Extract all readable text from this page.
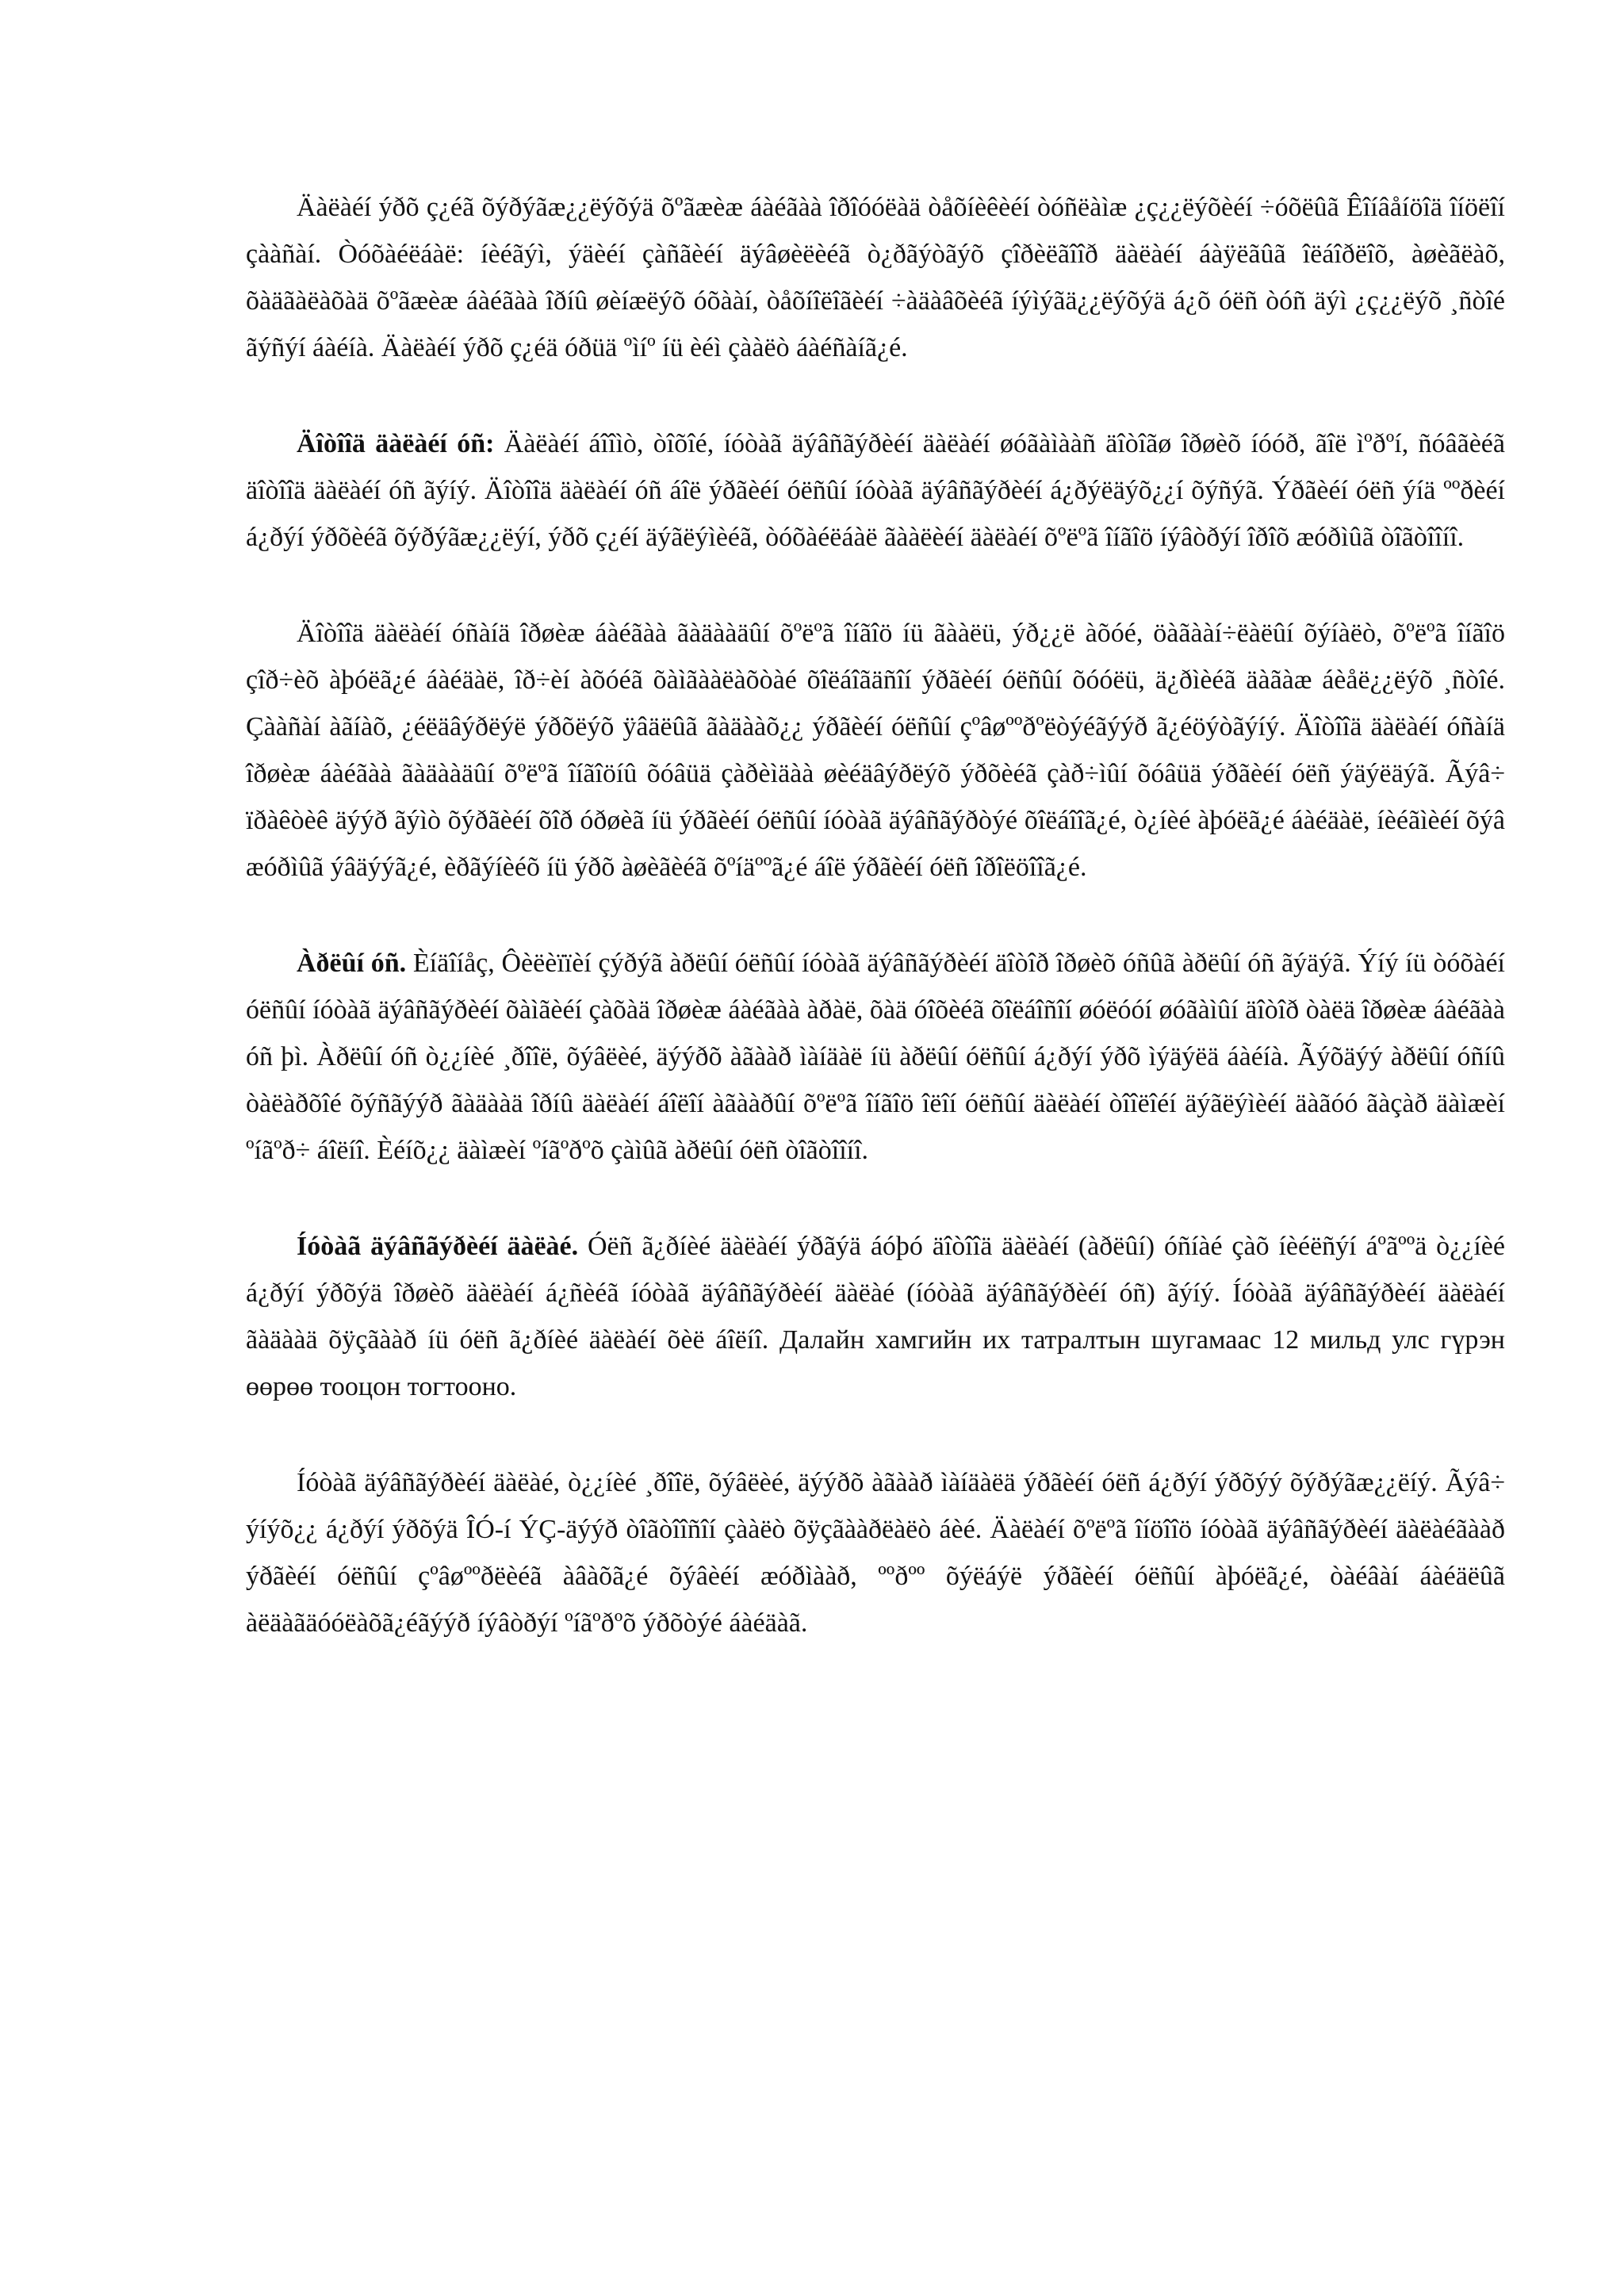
Äàëàéí ýðõ ç¿éã õýðýãæ¿¿ëýõýä õºãæèæ áàéãàà îðîóóëàä òåõíèêèéí òóñëàìæ ¿ç¿¿ëýõèéí ÷óõëûã Êîíâåíöîä îíöëîí çààñàí. Òóõàéëáàë: íèéãýì, ýäèéí çàñãèéí äýâøèëèéã ò¿ðãýòãýõ çîðèëãîîð äàëàéí áàÿëãûã îëáîðëîõ, àøèãëàõ, õàäãàëàõàä õºãæèæ áàéãàà îðíû øèíæëýõ óõààí, òåõíîëîãèéí ÷àäàâõèéã íýìýãä¿¿ëýõýä á¿õ óëñ òóñ äýì ¿ç¿¿ëýõ ¸ñòîé ãýñýí áàéíà. Äàëàéí ýðõ ç¿éä óðüä ºìíº íü èéì çààëò áàéñàíã¿é.

Äîòîîä äàëàéí óñ: Äàëàéí áîîìò, òîõîé, íóòàã äýâñãýðèéí äàëàéí øóãàìààñ äîòîãø îðøèõ íóóð, ãîë ìºðºí, ñóâãèéã äîòîîä äàëàéí óñ ãýíý. Äîòîîä äàëàéí óñ áîë ýðãèéí óëñûí íóòàã äýâñãýðèéí á¿ðýëäýõ¿¿í õýñýã. Ýðãèéí óëñ ýíä ººðèéí á¿ðýí ýðõèéã õýðýãæ¿¿ëýí, ýðõ ç¿éí äýãëýìèéã, òóõàéëáàë ãààëèéí äàëàéí õºëºã îíãîö íýâòðýí îðîõ æóðìûã òîãòîîíî.

Äîòîîä äàëàéí óñàíä îðøèæ áàéãàà ãàäààäûí õºëºã îíãîö íü ãààëü, ýð¿¿ë àõóé, öàãààí÷ëàëûí õýíàëò, õºëºã îíãîö çîð÷èõ àþóëã¿é áàéäàë, îð÷èí àõóéã õàìãààëàõòàé õîëáîãäñîí ýðãèéí óëñûí õóóëü, ä¿ðìèéã äàãàæ áèåë¿¿ëýõ ¸ñòîé. Çààñàí àãíàõ, ¿éëäâýðëýë ýðõëýõ ÿâäëûã ãàäààõ¿¿ ýðãèéí óëñûí çºâøººðºëòýéãýýð ã¿éöýòãýíý. Äîòîîä äàëàéí óñàíä îðøèæ áàéãàà ãàäààäûí õºëºã îíãîöíû õóâüä çàðèìäàà øèéäâýðëýõ ýðõèéã çàð÷ìûí õóâüä ýðãèéí óëñ ýäýëäýã. Ãýâ÷ ïðàêòèê äýýð ãýìò õýðãèéí õîð óðøèã íü ýðãèéí óëñûí íóòàã äýâñãýðòýé õîëáîîã¿é, ò¿íèé àþóëã¿é áàéäàë, íèéãìèéí õýâ æóðìûã ýâäýýã¿é, èðãýíèéõ íü ýðõ àøèãèéã õºíäººã¿é áîë ýðãèéí óëñ îðîëöîîã¿é.

Àðëûí óñ. Èíäîíåç, Ôèëèïïèí çýðýã àðëûí óëñûí íóòàã äýâñãýðèéí äîòîð îðøèõ óñûã àðëûí óñ ãýäýã. Ýíý íü òóõàéí óëñûí íóòàã äýâñãýðèéí õàìãèéí çàõàä îðøèæ áàéãàà àðàë, õàä óîõèéã õîëáîñîí øóëóóí øóãàìûí äîòîð òàëä îðøèæ áàéãàà óñ þì. Àðëûí óñ ò¿¿íèé ¸ðîîë, õýâëèé, äýýðõ àãààð ìàíäàë íü àðëûí óëñûí á¿ðýí ýðõ ìýäýëä áàéíà. Ãýõäýý àðëûí óñíû òàëàðõîé õýñãýýð ãàäààä îðíû äàëàéí áîëîí àãààðûí õºëºã îíãîö îëîí óëñûí äàëàéí òîîëîéí äýãëýìèéí äàãóó ãàçàð äàìæèí ºíãºð÷ áîëíî. Èéíõ¿¿ äàìæèí ºíãºðºõ çàìûã àðëûí óëñ òîãòîîíî.

Íóòàã äýâñãýðèéí äàëàé. Óëñ ã¿ðíèé äàëàéí ýðãýä áóþó äîòîîä äàëàéí (àðëûí) óñíàé çàõ íèéëñýí áºãººä ò¿¿íèé á¿ðýí ýðõýä îðøèõ äàëàéí á¿ñèéã íóòàã äýâñãýðèéí äàëàé (íóòàã äýâñãýðèéí óñ) ãýíý. Íóòàã äýâñãýðèéí äàëàéí ãàäààä õÿçãààð íü óëñ ã¿ðíèé äàëàéí õèë áîëíî. Далайн хамгийн их татралтын шугамаас 12 мильд улс гүрэн өөрөө тооцон тогтооно.

Íóòàã äýâñãýðèéí äàëàé, ò¿¿íèé ¸ðîîë, õýâëèé, äýýðõ àãààð ìàíäàëä ýðãèéí óëñ á¿ðýí ýðõýý õýðýãæ¿¿ëíý. Ãýâ÷ ýíýõ¿¿ á¿ðýí ýðõýä ÎÓ-í ÝÇ-äýýð òîãòîîñîí çààëò õÿçãààðëàëò áèé. Äàëàéí õºëºã îíöîîö íóòàã äýâñãýðèéí äàëàéãààð ýðãèéí óëñûí çºâøººðëèéã àâàõã¿é õýâèéí æóðìààð, ººðºº õýëáýë ýðãèéí óëñûí àþóëã¿é, òàéâàí áàéäëûã àëäàãäóóëàõã¿éãýýð íýâòðýí ºíãºðºõ ýðõòýé áàéäàã.
